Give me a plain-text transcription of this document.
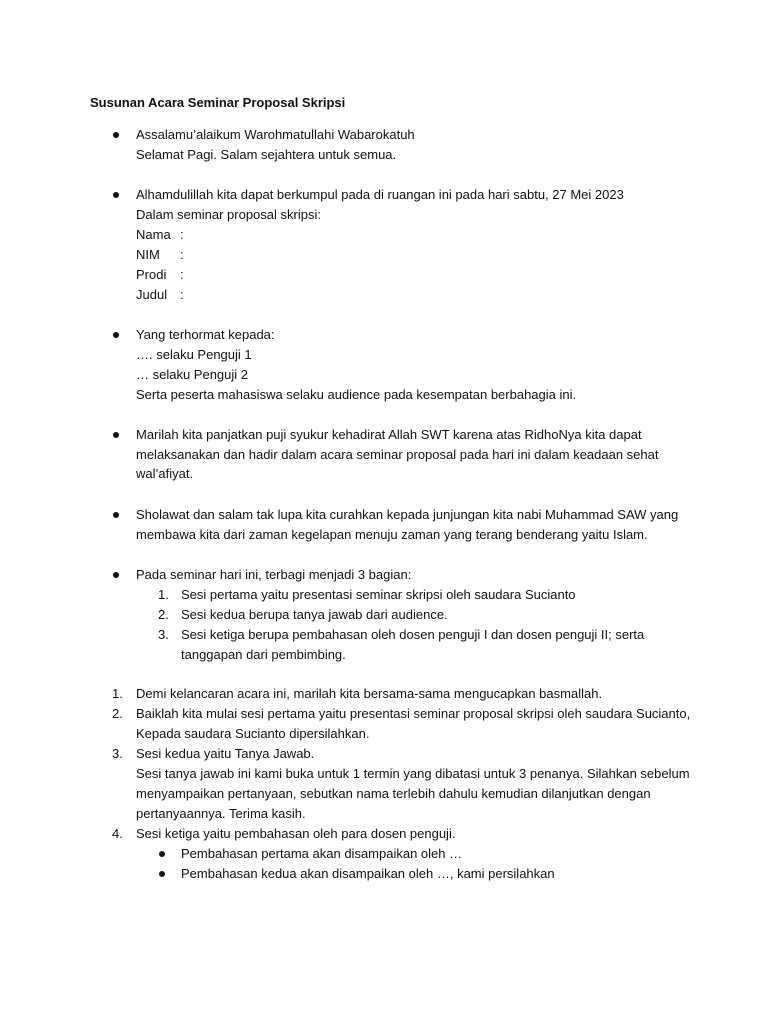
Susunan Acara Seminar Proposal Skripsi
Assalamu’alaikum Warohmatullahi Wabarokatuh
Selamat Pagi. Salam sejahtera untuk semua.
Alhamdulillah kita dapat berkumpul pada di ruangan ini pada hari sabtu, 27 Mei 2023
Dalam seminar proposal skripsi:
Nama :
NIM :
Prodi :
Judul :
Yang terhormat kepada:
…. selaku Penguji 1
… selaku Penguji 2
Serta peserta mahasiswa selaku audience pada kesempatan berbahagia ini.
Marilah kita panjatkan puji syukur kehadirat Allah SWT karena atas RidhoNya kita dapat
melaksanakan dan hadir dalam acara seminar proposal pada hari ini dalam keadaan sehat
wal’afiyat.
Sholawat dan salam tak lupa kita curahkan kepada junjungan kita nabi Muhammad SAW yang
membawa kita dari zaman kegelapan menuju zaman yang terang benderang yaitu Islam.
Pada seminar hari ini, terbagi menjadi 3 bagian:
1. Sesi pertama yaitu presentasi seminar skripsi oleh saudara Sucianto
2. Sesi kedua berupa tanya jawab dari audience.
3. Sesi ketiga berupa pembahasan oleh dosen penguji I dan dosen penguji II; serta
tanggapan dari pembimbing.
1. Demi kelancaran acara ini, marilah kita bersama-sama mengucapkan basmallah.
2. Baiklah kita mulai sesi pertama yaitu presentasi seminar proposal skripsi oleh saudara Sucianto,
Kepada saudara Sucianto dipersilahkan.
3. Sesi kedua yaitu Tanya Jawab.
Sesi tanya jawab ini kami buka untuk 1 termin yang dibatasi untuk 3 penanya. Silahkan sebelum
menyampaikan pertanyaan, sebutkan nama terlebih dahulu kemudian dilanjutkan dengan
pertanyaannya. Terima kasih.
4. Sesi ketiga yaitu pembahasan oleh para dosen penguji.
Pembahasan pertama akan disampaikan oleh …
Pembahasan kedua akan disampaikan oleh …, kami persilahkan
